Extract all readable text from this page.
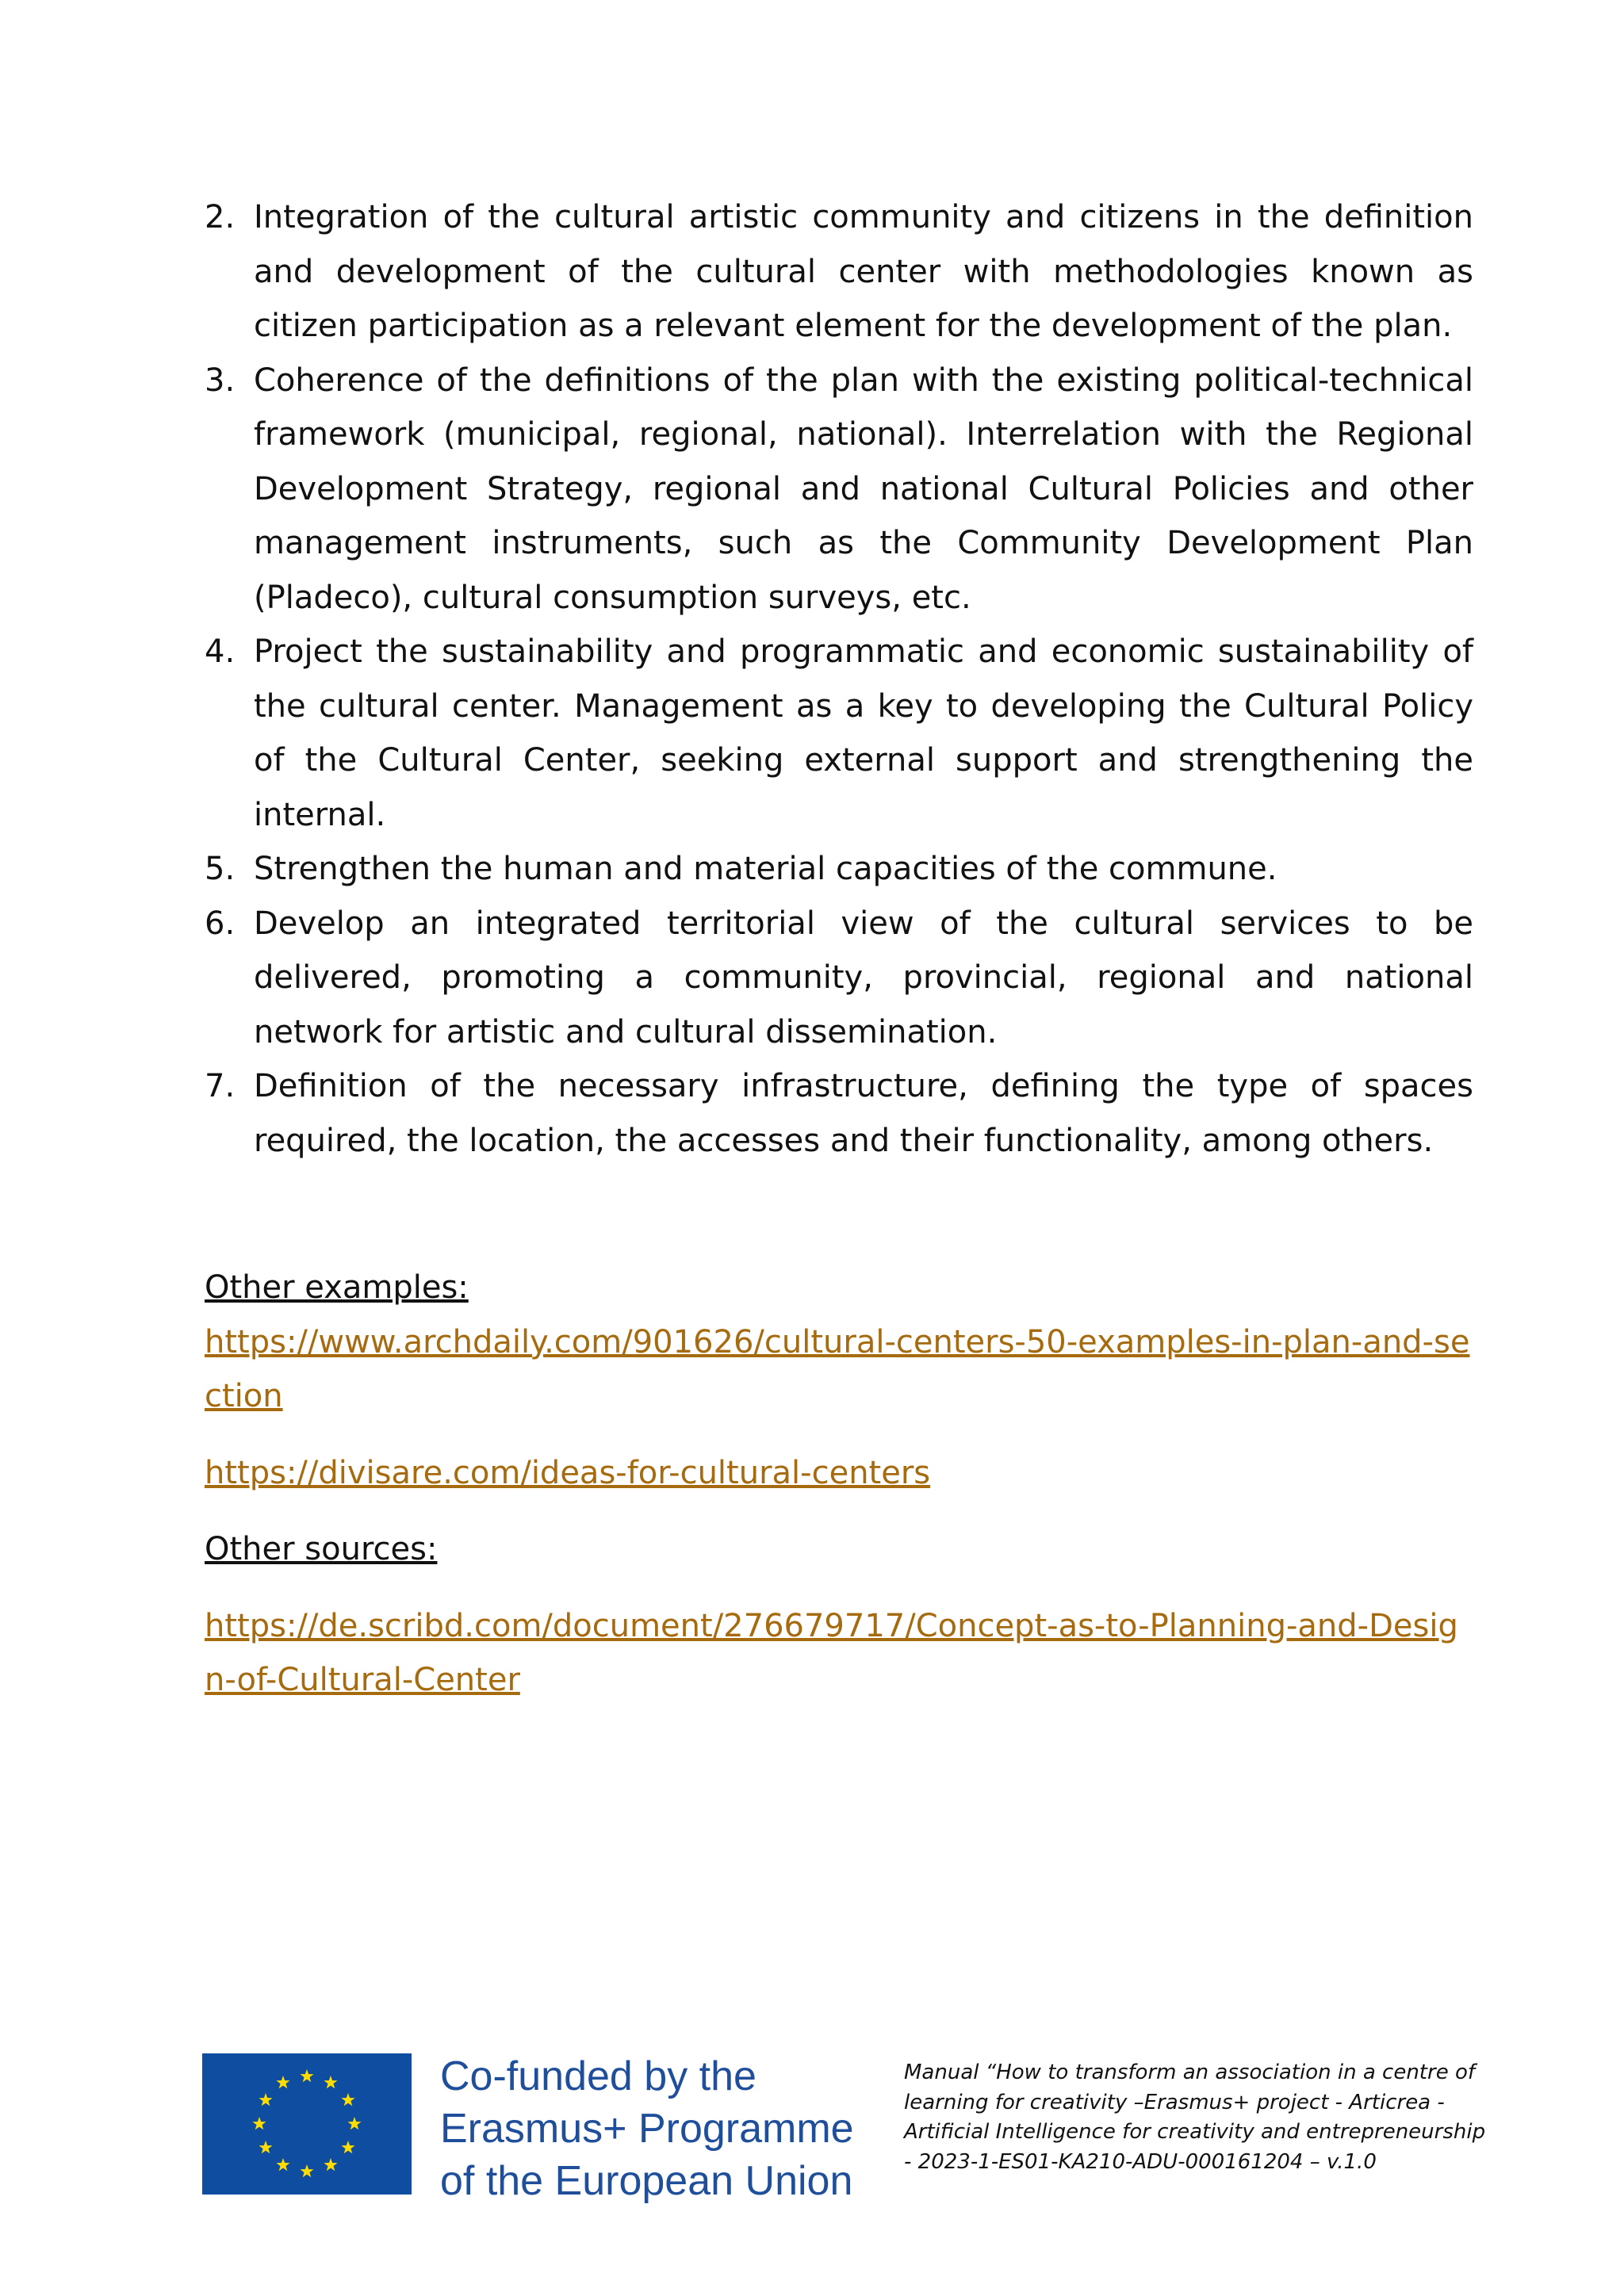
2. Integration of the cultural artistic community and citizens in the definition and development of the cultural center with methodologies known as citizen participation as a relevant element for the development of the plan.
3. Coherence of the definitions of the plan with the existing political-technical framework (municipal, regional, national). Interrelation with the Regional Development Strategy, regional and national Cultural Policies and other management instruments, such as the Community Development Plan (Pladeco), cultural consumption surveys, etc.
4. Project the sustainability and programmatic and economic sustainability of the cultural center. Management as a key to developing the Cultural Policy of the Cultural Center, seeking external support and strengthening the internal.
5. Strengthen the human and material capacities of the commune.
6. Develop an integrated territorial view of the cultural services to be delivered, promoting a community, provincial, regional and national network for artistic and cultural dissemination.
7. Definition of the necessary infrastructure, defining the type of spaces required, the location, the accesses and their functionality, among others.
Other examples:
https://www.archdaily.com/901626/cultural-centers-50-examples-in-plan-and-section
https://divisare.com/ideas-for-cultural-centers
Other sources:
https://de.scribd.com/document/276679717/Concept-as-to-Planning-and-Design-of-Cultural-Center
Co-funded by the
Erasmus+ Programme
of the European Union
Manual “How to transform an association in a centre of learning for creativity –Erasmus+ project - Articrea - Artificial Intelligence for creativity and entrepreneurship - 2023-1-ES01-KA210-ADU-000161204 – v.1.0
